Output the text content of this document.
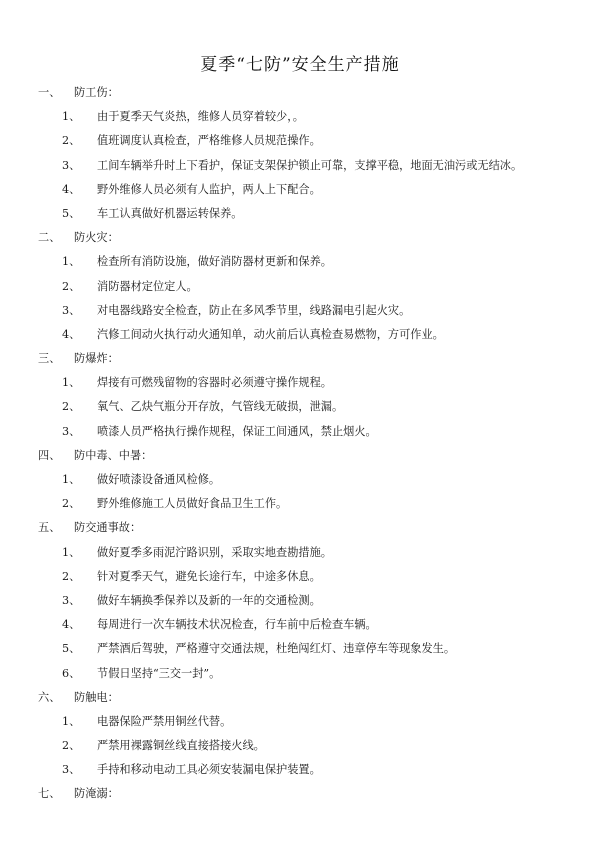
夏季“七防”安全生产措施
一、 防工伤：
1、 由于夏季天气炎热，维修人员穿着较少，。
2、 值班调度认真检查，严格维修人员规范操作。
3、 工间车辆举升时上下看护，保证支架保护锁止可靠，支撑平稳，地面无油污或无结冰。
4、 野外维修人员必须有人监护，两人上下配合。
5、 车工认真做好机器运转保养。
二、 防火灾：
1、 检查所有消防设施，做好消防器材更新和保养。
2、 消防器材定位定人。
3、 对电器线路安全检查，防止在多风季节里，线路漏电引起火灾。
4、 汽修工间动火执行动火通知单，动火前后认真检查易燃物，方可作业。
三、 防爆炸：
1、 焊接有可燃残留物的容器时必须遵守操作规程。
2、 氧气、乙炔气瓶分开存放，气管线无破损，泄漏。
3、 喷漆人员严格执行操作规程，保证工间通风，禁止烟火。
四、 防中毒、中暑：
1、 做好喷漆设备通风检修。
2、 野外维修施工人员做好食品卫生工作。
五、 防交通事故：
1、 做好夏季多雨泥泞路识别，采取实地查勘措施。
2、 针对夏季天气，避免长途行车，中途多休息。
3、 做好车辆换季保养以及新的一年的交通检测。
4、 每周进行一次车辆技术状况检查，行车前中后检查车辆。
5、 严禁酒后驾驶，严格遵守交通法规，杜绝闯红灯、违章停车等现象发生。
6、 节假日坚持“三交一封”。
六、 防触电：
1、 电器保险严禁用铜丝代替。
2、 严禁用裸露铜丝线直接搭接火线。
3、 手持和移动电动工具必须安装漏电保护装置。
七、 防淹溺：
